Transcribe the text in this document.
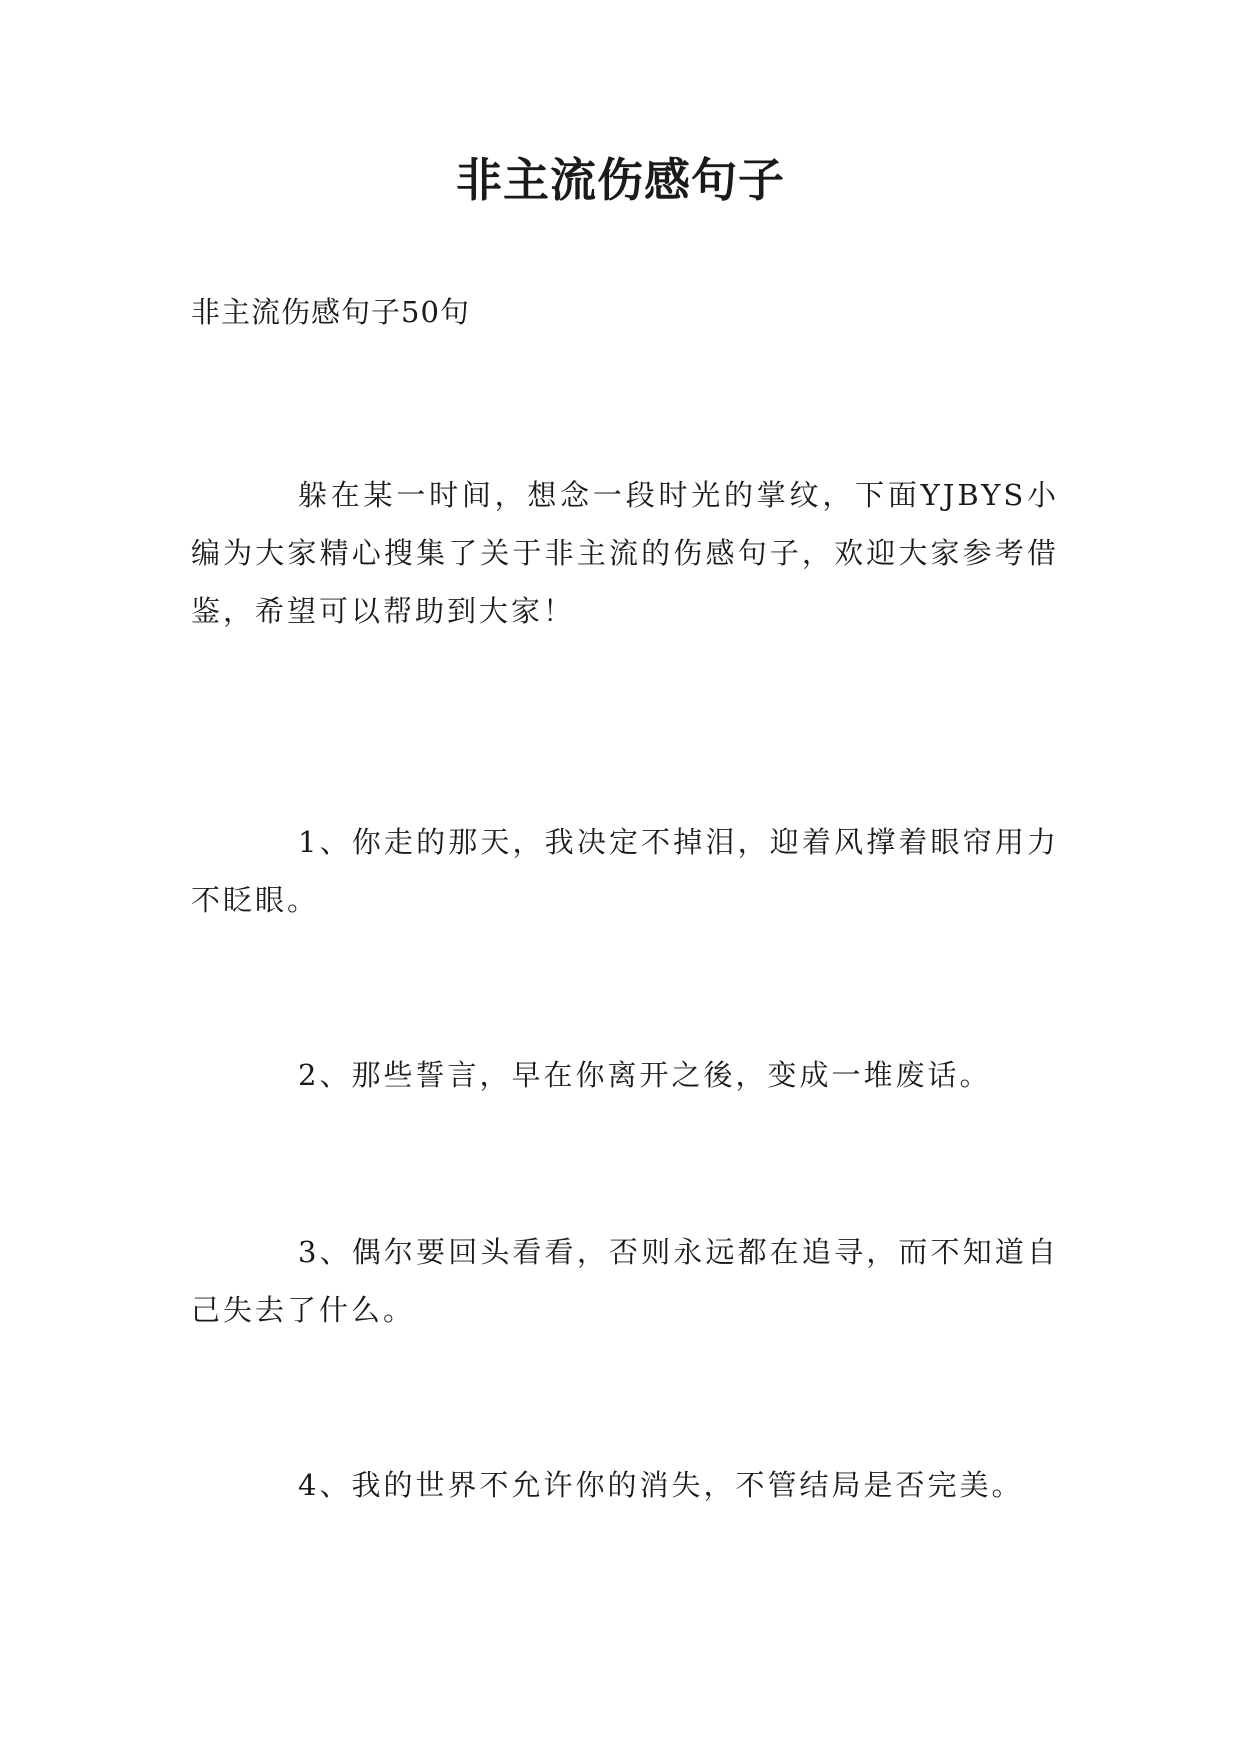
非主流伤感句子

非主流伤感句子50句

躲在某一时间，想念一段时光的掌纹，下面YJBYS小编为大家精心搜集了关于非主流的伤感句子，欢迎大家参考借鉴，希望可以帮助到大家！

1、你走的那天，我决定不掉泪，迎着风撑着眼帘用力不眨眼。

2、那些誓言，早在你离开之後，变成一堆废话。

3、偶尔要回头看看，否则永远都在追寻，而不知道自己失去了什么。

4、我的世界不允许你的消失，不管结局是否完美。
